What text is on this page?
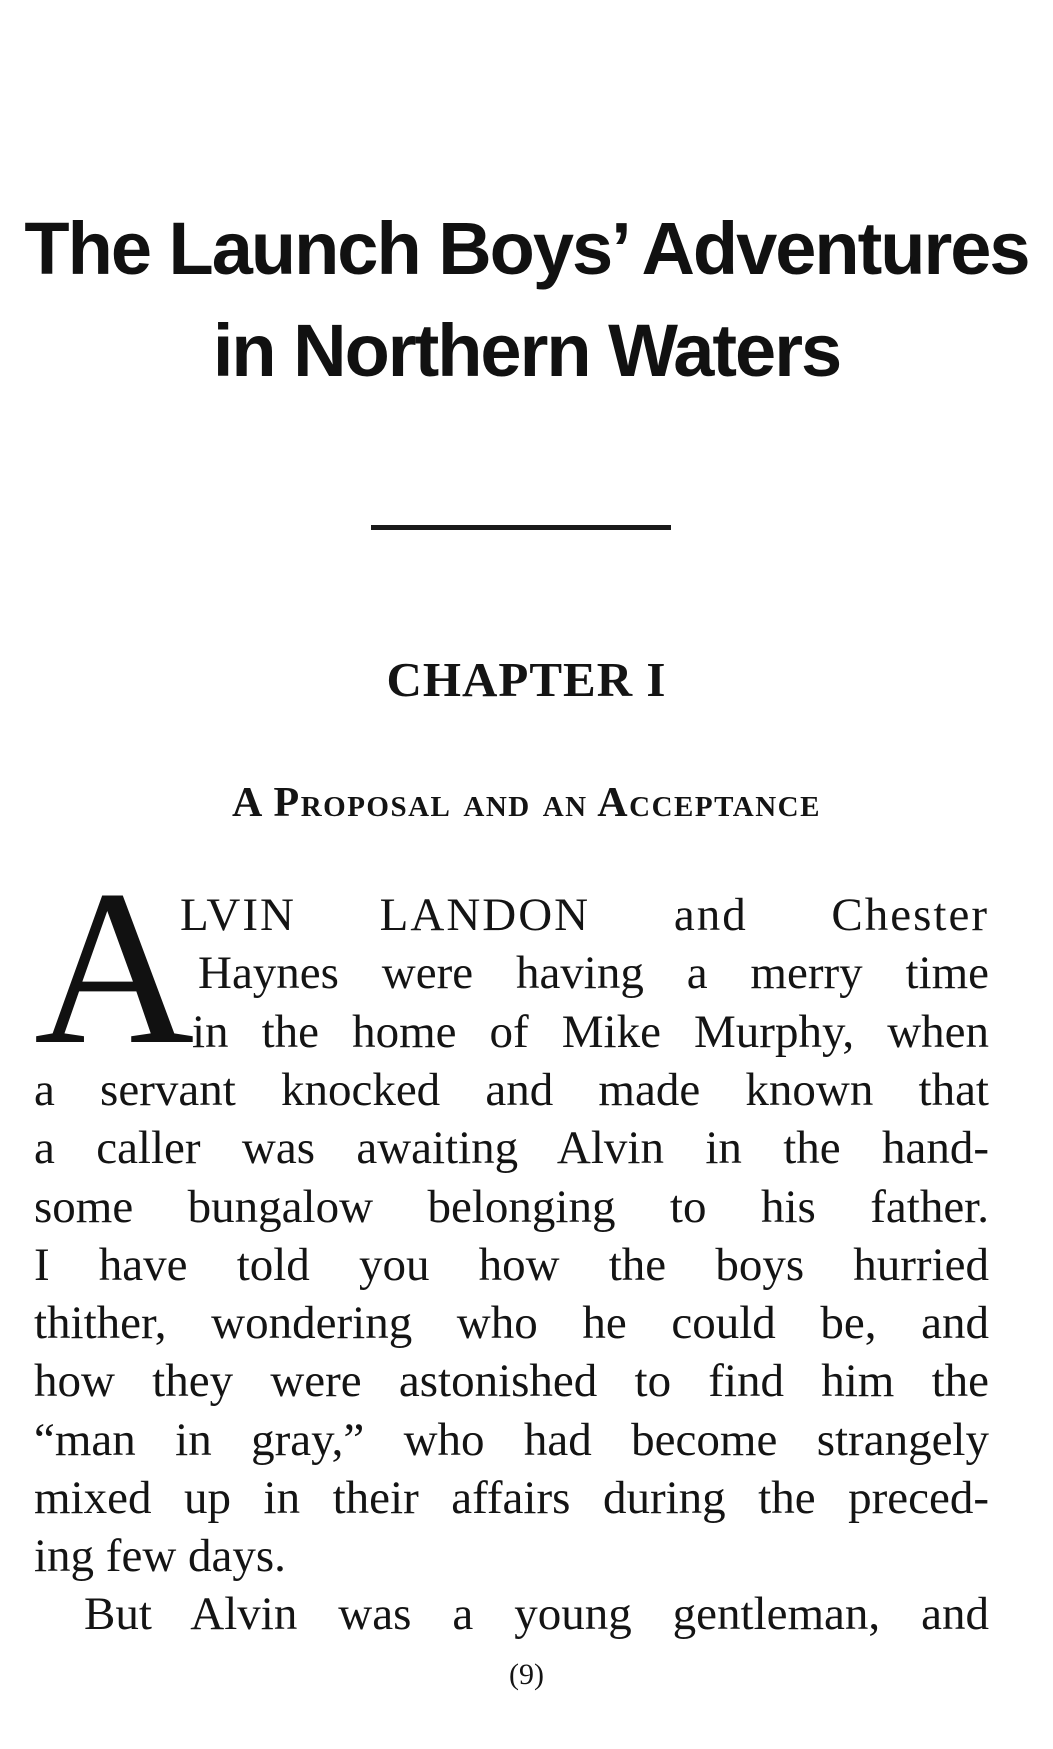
The Launch Boys’ Adventures
in Northern Waters
CHAPTER I
A Proposal and an Acceptance
A
LVIN LANDON and Chester
Haynes were having a merry time
in the home of Mike Murphy, when
a servant knocked and made known that
a caller was awaiting Alvin in the hand-
some bungalow belonging to his father.
I have told you how the boys hurried
thither, wondering who he could be, and
how they were astonished to find him the
“man in gray,” who had become strangely
mixed up in their affairs during the preced-
ing few days.
But Alvin was a young gentleman, and
(9)
